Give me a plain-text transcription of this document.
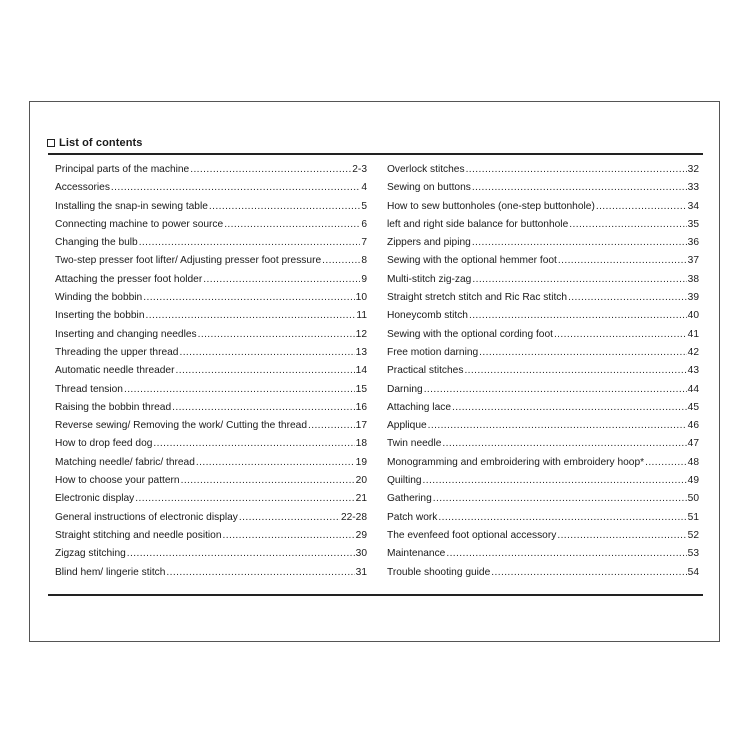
List of contents
Principal parts of the machine .....	2-3
Accessories .....	4
Installing the snap-in sewing table .....	5
Connecting machine to power source .....	6
Changing the bulb .....	7
Two-step presser foot lifter/ Adjusting presser foot pressure .....	8
Attaching the presser foot holder .....	9
Winding the bobbin .....	10
Inserting the bobbin .....	11
Inserting and changing needles .....	12
Threading the upper thread .....	13
Automatic needle threader .....	14
Thread tension .....	15
Raising the bobbin thread .....	16
Reverse sewing/ Removing the work/ Cutting the thread .....	17
How to drop feed dog .....	18
Matching needle/ fabric/ thread .....	19
How to choose your pattern .....	20
Electronic display .....	21
General instructions of electronic display .....	22-28
Straight stitching and needle position .....	29
Zigzag stitching .....	30
Blind hem/ lingerie stitch .....	31
Overlock stitches .....	32
Sewing on buttons .....	33
How to sew buttonholes (one-step buttonhole) .....	34
left and right side balance for buttonhole .....	35
Zippers and piping .....	36
Sewing with the optional hemmer foot .....	37
Multi-stitch zig-zag .....	38
Straight stretch stitch and Ric Rac stitch .....	39
Honeycomb stitch .....	40
Sewing with the optional cording foot .....	41
Free motion darning .....	42
Practical stitches .....	43
Darning .....	44
Attaching lace .....	45
Applique .....	46
Twin needle .....	47
Monogramming and embroidering with embroidery hoop* .....	48
Quilting .....	49
Gathering .....	50
Patch work .....	51
The evenfeed foot optional accessory .....	52
Maintenance .....	53
Trouble shooting guide .....	54
